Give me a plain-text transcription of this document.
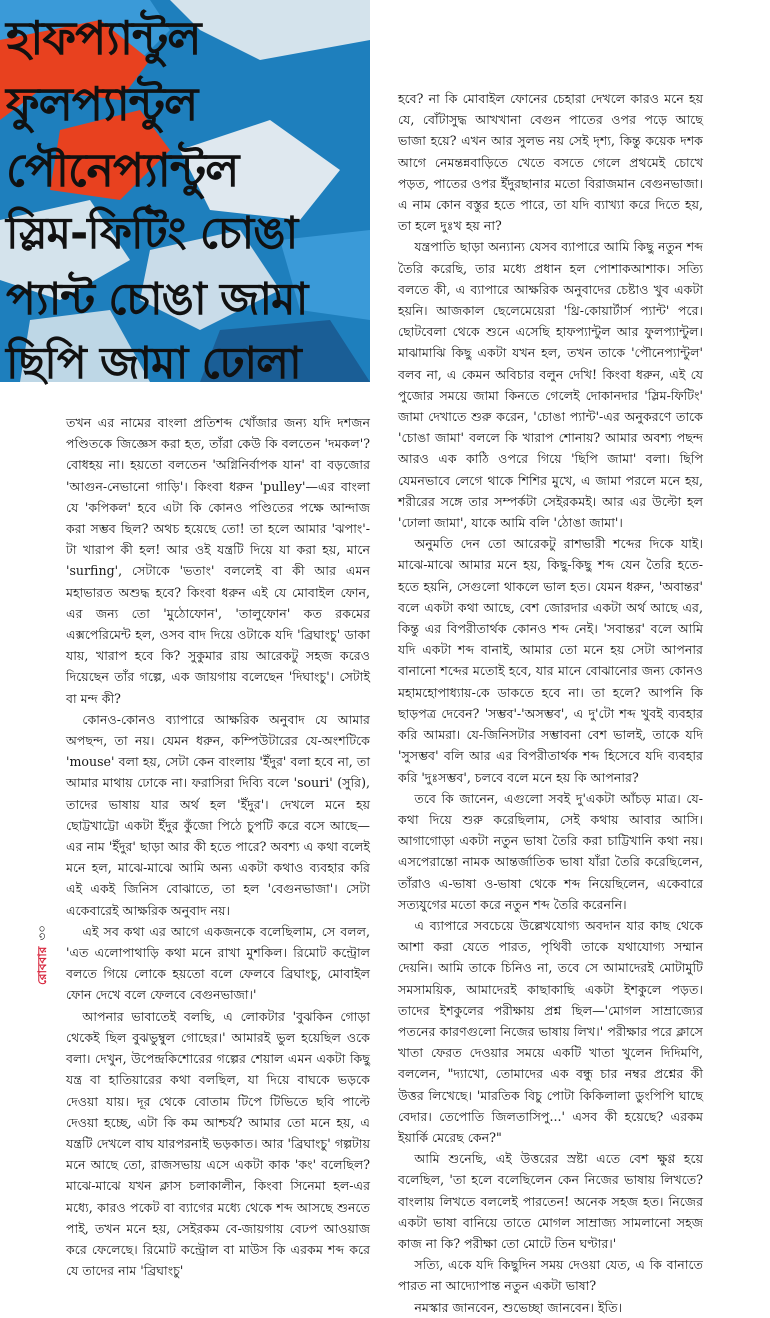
হাফপ্যান্টুল
ফুলপ্যান্টুল
পৌনেপ্যান্টুল
স্লিম-ফিটিং চোঙা
প্যান্ট চোঙা জামা
ছিপি জামা ঢোলা

তখন এর নামের বাংলা প্রতিশব্দ খোঁজার জন্য যদি দশজন পণ্ডিতকে জিজ্ঞেস করা হত, তাঁরা কেউ কি বলতেন 'দমকল'? বোধহয় না। হয়তো বলতেন 'অগ্নিনির্বাপক যান' বা বড়জোর 'আগুন-নেভানো গাড়ি'। কিংবা ধরুন 'pulley'—এর বাংলা যে 'কপিকল' হবে এটা কি কোনও পণ্ডিতের পক্ষে আন্দাজ করা সম্ভব ছিল? অথচ হয়েছে তো! তা হলে আমার 'ঝপাং'-টা খারাপ কী হল! আর ওই যন্ত্রটি দিয়ে যা করা হয়, মানে 'surfing', সেটাকে 'ভতাং' বললেই বা কী আর এমন মহাভারত অশুদ্ধ হবে? কিংবা ধরুন এই যে মোবাইল ফোন, এর জন্য তো 'মুঠোফোন', 'তালুফোন' কত রকমের এক্সপেরিমেন্ট হল, ওসব বাদ দিয়ে ওটাকে যদি 'ব্রিঘাংচু' ডাকা যায়, খারাপ হবে কি? সুকুমার রায় আরেকটু সহজ করেও দিয়েছেন তাঁর গল্পে, এক জায়গায় বলেছেন 'দিঘাংচু'। সেটাই বা মন্দ কী?

কোনও-কোনও ব্যাপারে আক্ষরিক অনুবাদ যে আমার অপছন্দ, তা নয়। যেমন ধরুন, কম্পিউটারের যে-অংশটিকে 'mouse' বলা হয়, সেটা কেন বাংলায় 'ইঁদুর' বলা হবে না, তা আমার মাথায় ঢোকে না। ফরাসিরা দিব্যি বলে 'souri' (সুরি), তাদের ভাষায় যার অর্থ হল 'ইঁদুর'। দেখলে মনে হয় ছোট্টখাট্টো একটা ইঁদুর কুঁজো পিঠে চুপটি করে বসে আছে—এর নাম 'ইঁদুর' ছাড়া আর কী হতে পারে? অবশ্য এ কথা বলেই মনে হল, মাঝে-মাঝে আমি অন্য একটা কথাও ব্যবহার করি এই একই জিনিস বোঝাতে, তা হল 'বেগুনভাজা'। সেটা একেবারেই আক্ষরিক অনুবাদ নয়।

এই সব কথা এর আগে একজনকে বলেছিলাম, সে বলল, 'এত এলোপাথাড়ি কথা মনে রাখা মুশকিল। রিমোট কন্ট্রোল বলতে গিয়ে লোকে হয়তো বলে ফেলবে ব্রিঘাংচু, মোবাইল ফোন দেখে বলে ফেলবে বেগুনভাজা।'

আপনার ভাবাতেই বলছি, এ লোকটার 'বুঝকিন গোড়া থেকেই ছিল বুঝভুম্বুল গোছের।' আমারই ভুল হয়েছিল ওকে বলা। দেখুন, উপেন্দ্রকিশোরের গল্পের শেয়াল এমন একটা কিছু যন্ত্র বা হাতিয়ারের কথা বলছিল, যা দিয়ে বাঘকে ভড়কে দেওয়া যায়। দূর থেকে বোতাম টিপে টিভিতে ছবি পাল্টে দেওয়া হচ্ছে, এটা কি কম আশ্চর্য? আমার তো মনে হয়, এ যন্ত্রটি দেখলে বাঘ যারপরনাই ভড়কাত। আর 'ব্রিঘাংচু' গল্পটায় মনে আছে তো, রাজসভায় এসে একটা কাক 'কং' বলেছিল? মাঝে-মাঝে যখন ক্লাস চলাকালীন, কিংবা সিনেমা হল-এর মধ্যে, কারও পকেট বা ব্যাগের মধ্যে থেকে শব্দ আসছে শুনতে পাই, তখন মনে হয়, সেইরকম বে-জায়গায় বেঢপ আওয়াজ করে ফেলেছে। রিমোট কন্ট্রোল বা মাউস কি এরকম শব্দ করে যে তাদের নাম 'ব্রিঘাংচু'

হবে? না কি মোবাইল ফোনের চেহারা দেখলে কারও মনে হয় যে, বোঁটাসুদ্ধ আখখানা বেগুন পাতের ওপর পড়ে আছে ভাজা হয়ে? এখন আর সুলভ নয় সেই দৃশ্য, কিন্তু কয়েক দশক আগে নেমন্তন্নবাড়িতে খেতে বসতে গেলে প্রথমেই চোখে পড়ত, পাতের ওপর ইঁদুরছানার মতো বিরাজমান বেগুনভাজা। এ নাম কোন বস্তুর হতে পারে, তা যদি ব্যাখ্যা করে দিতে হয়, তা হলে দুঃখ হয় না?

যন্ত্রপাতি ছাড়া অন্যান্য যেসব ব্যাপারে আমি কিছু নতুন শব্দ তৈরি করেছি, তার মধ্যে প্রধান হল পোশাকআশাক। সত্যি বলতে কী, এ ব্যাপারে আক্ষরিক অনুবাদের চেষ্টাও খুব একটা হয়নি। আজকাল ছেলেমেয়েরা 'থ্রি-কোয়ার্টার্স প্যান্ট' পরে। ছোটবেলা থেকে শুনে এসেছি হাফপ্যান্টুল আর ফুলপ্যান্টুল। মাঝামাঝি কিছু একটা যখন হল, তখন তাকে 'পৌনেপ্যান্টুল' বলব না, এ কেমন অবিচার বলুন দেখি! কিংবা ধরুন, এই যে পুজোর সময়ে জামা কিনতে গেলেই দোকানদার 'স্লিম-ফিটিং' জামা দেখাতে শুরু করেন, 'চোঙা প্যান্ট'-এর অনুকরণে তাকে 'চোঙা জামা' বললে কি খারাপ শোনায়? আমার অবশ্য পছন্দ আরও এক কাঠি ওপরে গিয়ে 'ছিপি জামা' বলা। ছিপি যেমনভাবে লেগে থাকে শিশির মুখে, এ জামা পরলে মনে হয়, শরীরের সঙ্গে তার সম্পর্কটা সেইরকমই। আর এর উল্টো হল 'ঢোলা জামা', যাকে আমি বলি 'ঠোঙা জামা'।

অনুমতি দেন তো আরেকটু রাশভারী শব্দের দিকে যাই। মাঝে-মাঝে আমার মনে হয়, কিছু-কিছু শব্দ যেন তৈরি হতে-হতে হয়নি, সেগুলো থাকলে ভাল হত। যেমন ধরুন, 'অবান্তর' বলে একটা কথা আছে, বেশ জোরদার একটা অর্থ আছে এর, কিন্তু এর বিপরীতার্থক কোনও শব্দ নেই। 'সবান্তর' বলে আমি যদি একটা শব্দ বানাই, আমার তো মনে হয় সেটা আপনার বানানো শব্দের মতোই হবে, যার মানে বোঝানোর জন্য কোনও মহামহোপাধ্যায়-কে ডাকতে হবে না। তা হলে? আপনি কি ছাড়পত্র দেবেন? 'সম্ভব'-'অসম্ভব', এ দু'টো শব্দ খুবই ব্যবহার করি আমরা। যে-জিনিসটার সম্ভাবনা বেশ ভালই, তাকে যদি 'সুসম্ভব' বলি আর এর বিপরীতার্থক শব্দ হিসেবে যদি ব্যবহার করি 'দুঃসম্ভব', চলবে বলে মনে হয় কি আপনার?

তবে কি জানেন, এগুলো সবই দু'একটা আঁচড় মাত্র। যে-কথা দিয়ে শুরু করেছিলাম, সেই কথায় আবার আসি। আগাগোড়া একটা নতুন ভাষা তৈরি করা চাট্টিখানি কথা নয়। এসপেরান্তো নামক আন্তর্জাতিক ভাষা যাঁরা তৈরি করেছিলেন, তাঁরাও এ-ভাষা ও-ভাষা থেকে শব্দ নিয়েছিলেন, একেবারে সত্যযুগের মতো করে নতুন শব্দ তৈরি করেননি।

এ ব্যাপারে সবচেয়ে উল্লেখযোগ্য অবদান যার কাছ থেকে আশা করা যেতে পারত, পৃথিবী তাকে যথাযোগ্য সম্মান দেয়নি। আমি তাকে চিনিও না, তবে সে আমাদেরই মোটামুটি সমসাময়িক, আমাদেরই কাছাকাছি একটা ইশকুলে পড়ত। তাদের ইশকুলের পরীক্ষায় প্রশ্ন ছিল—'মোগল সাম্রাজ্যের পতনের কারণগুলো নিজের ভাষায় লিখ।' পরীক্ষার পরে ক্লাসে খাতা ফেরত দেওয়ার সময়ে একটি খাতা খুলেন দিদিমণি, বললেন, "দ্যাখো, তোমাদের এক বন্ধু চার নম্বর প্রশ্নের কী উত্তর লিখেছে। 'মারতিক বিচু পোটা কিকিলালা ডুংপিপি ঘাছে বেদার। তেপোতি জিলতাসিপু...' এসব কী হয়েছে? এরকম ইয়ার্কি মেরেছ কেন?"

আমি শুনেছি, এই উত্তরের স্রষ্টা এতে বেশ ক্ষুণ্ণ হয়ে বলেছিল, 'তা হলে বলেছিলেন কেন নিজের ভাষায় লিখতে? বাংলায় লিখতে বললেই পারতেন! অনেক সহজ হত। নিজের একটা ভাষা বানিয়ে তাতে মোগল সাম্রাজ্য সামলানো সহজ কাজ না কি? পরীক্ষা তো মোটে তিন ঘণ্টার।'

সত্যি, একে যদি কিছুদিন সময় দেওয়া যেত, এ কি বানাতে পারত না আদ্যোপান্ত নতুন একটা ভাষা?

নমস্কার জানবেন, শুভেচ্ছা জানবেন। ইতি।

রোববার৩০
